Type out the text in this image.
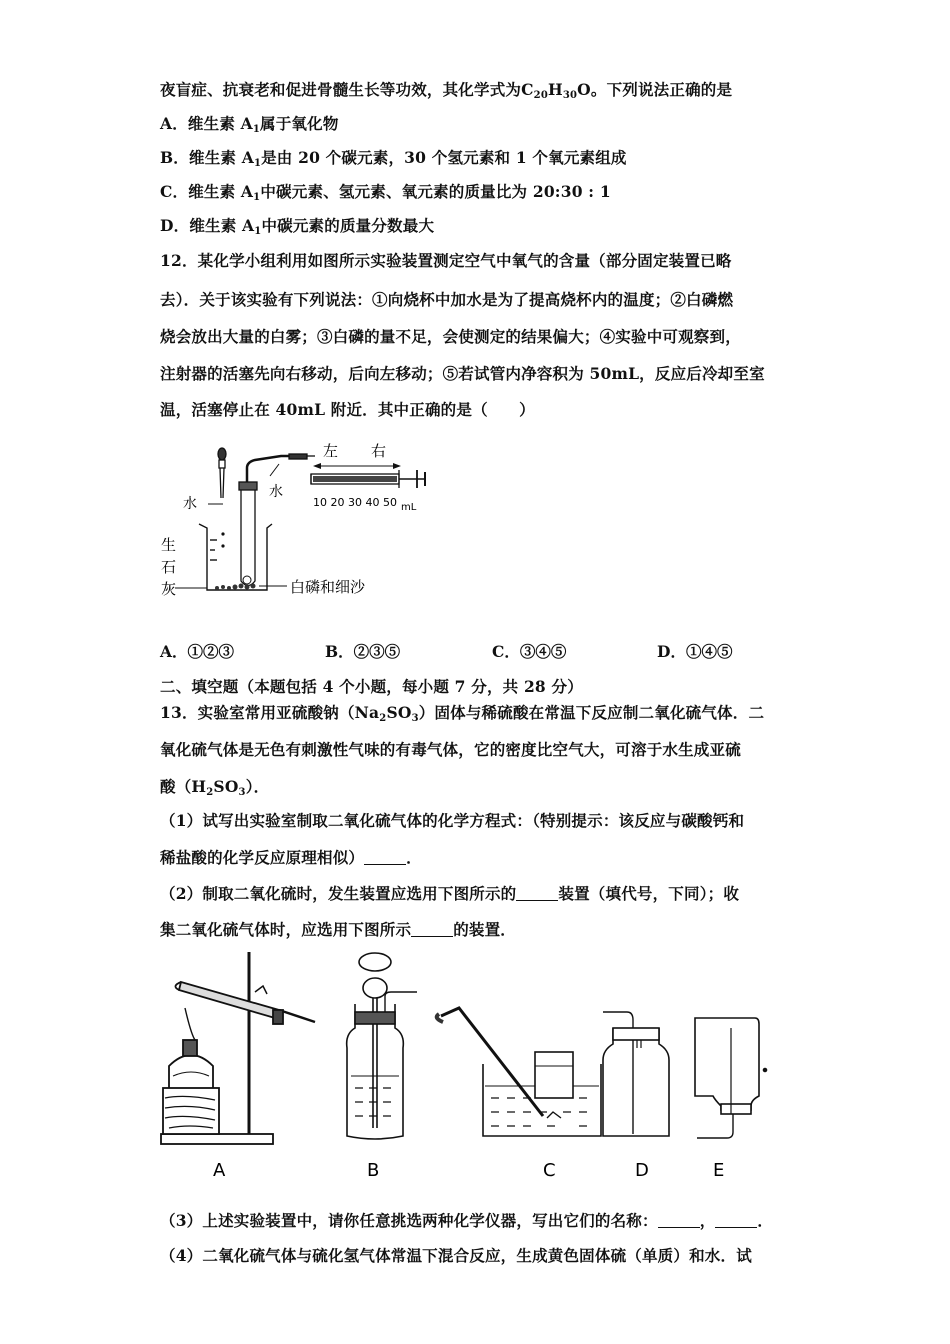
夜盲症、抗衰老和促进骨髓生长等功效，其化学式为$C_{20}H_{30}O$。下列说法正确的是
A．维生素 $A_1$属于氧化物
B．维生素 $A_1$是由 20 个碳元素，30 个氢元素和 1 个氧元素组成
C．维生素 $A_1$中碳元素、氢元素、氧元素的质量比为 20:30 : 1
D．维生素 $A_1$中碳元素的质量分数最大
12．某化学小组利用如图所示实验装置测定空气中氧气的含量（部分固定装置已略
去）．关于该实验有下列说法：①向烧杯中加水是为了提高烧杯内的温度；②白磷燃
烧会放出大量的白雾；③白磷的量不足，会使测定的结果偏大；④实验中可观察到，
注射器的活塞先向右移动，后向左移动；⑤若试管内净容积为 50mL，反应后冷却至室
温，活塞停止在 40mL 附近．其中正确的是（　　）
水
水
白磷和细沙
生
石
灰
10 20 30 40 50 mL
左 右
A．①②③	B．②③⑤	C．③④⑤	D．①④⑤
二、填空题（本题包括 4 个小题，每小题 7 分，共 28 分）
13．实验室常用亚硫酸钠$(Na_2SO_3)$固体与稀硫酸在常温下反应制二氧化硫气体．二
氧化硫气体是无色有刺激性气味的有毒气体，它的密度比空气大，可溶于水生成亚硫
酸$(H_2SO_3)$．
（1）试写出实验室制取二氧化硫气体的化学方程式：（特别提示：该反应与碳酸钙和
稀盐酸的化学反应原理相似）	．
（2）制取二氧化硫时，发生装置应选用下图所示的	装置（填代号，下同）；收
集二氧化硫气体时，应选用下图所示	的装置．
A	B	C	D	E
（3）上述实验装置中，请你任意挑选两种化学仪器，写出它们的名称：	，	．
（4）二氧化硫气体与硫化氢气体常温下混合反应，生成黄色固体硫（单质）和水．试
